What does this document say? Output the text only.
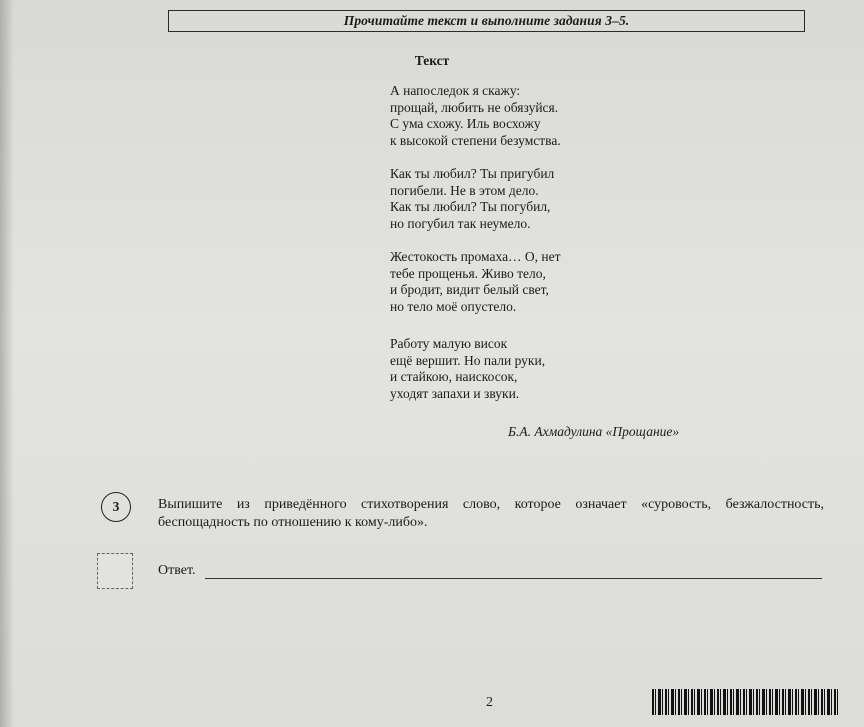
Прочитайте текст и выполните задания 3–5.
Текст
А напоследок я скажу:
прощай, любить не обязуйся.
С ума схожу. Иль восхожу
к высокой степени безумства.
Как ты любил? Ты пригубил
погибели. Не в этом дело.
Как ты любил? Ты погубил,
но погубил так неумело.
Жестокость промаха… О, нет
тебе прощенья. Живо тело,
и бродит, видит белый свет,
но тело моё опустело.
Работу малую висок
ещё вершит. Но пали руки,
и стайкою, наискосок,
уходят запахи и звуки.
Б.А. Ахмадулина «Прощание»
3	Выпишите из приведённого стихотворения слово, которое означает «суровость, безжалостность, беспощадность по отношению к кому-либо».
Ответ.
2
